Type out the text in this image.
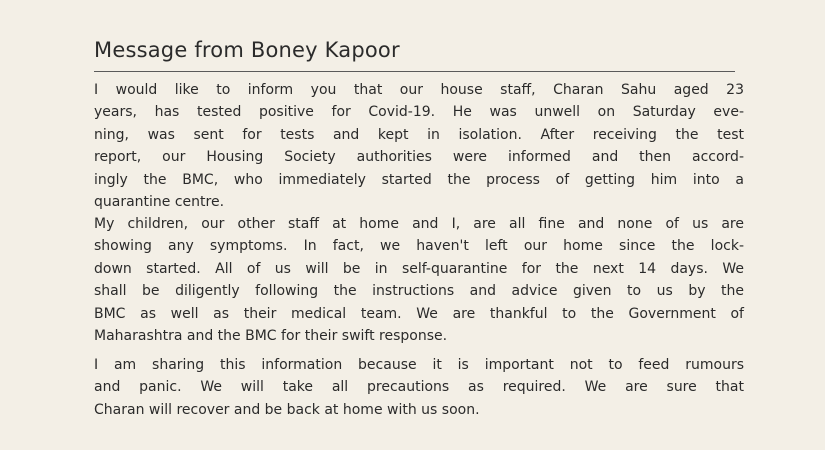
Message from Boney Kapoor

I would like to inform you that our house staff, Charan Sahu aged 23
years, has tested positive for Covid-19. He was unwell on Saturday eve-
ning, was sent for tests and kept in isolation. After receiving the test
report, our Housing Society authorities were informed and then accord-
ingly the BMC, who immediately started the process of getting him into a
quarantine centre.

My children, our other staff at home and I, are all fine and none of us are
showing any symptoms. In fact, we haven't left our home since the lock-
down started. All of us will be in self-quarantine for the next 14 days. We
shall be diligently following the instructions and advice given to us by the
BMC as well as their medical team. We are thankful to the Government of
Maharashtra and the BMC for their swift response.

I am sharing this information because it is important not to feed rumours
and panic. We will take all precautions as required. We are sure that
Charan will recover and be back at home with us soon.
